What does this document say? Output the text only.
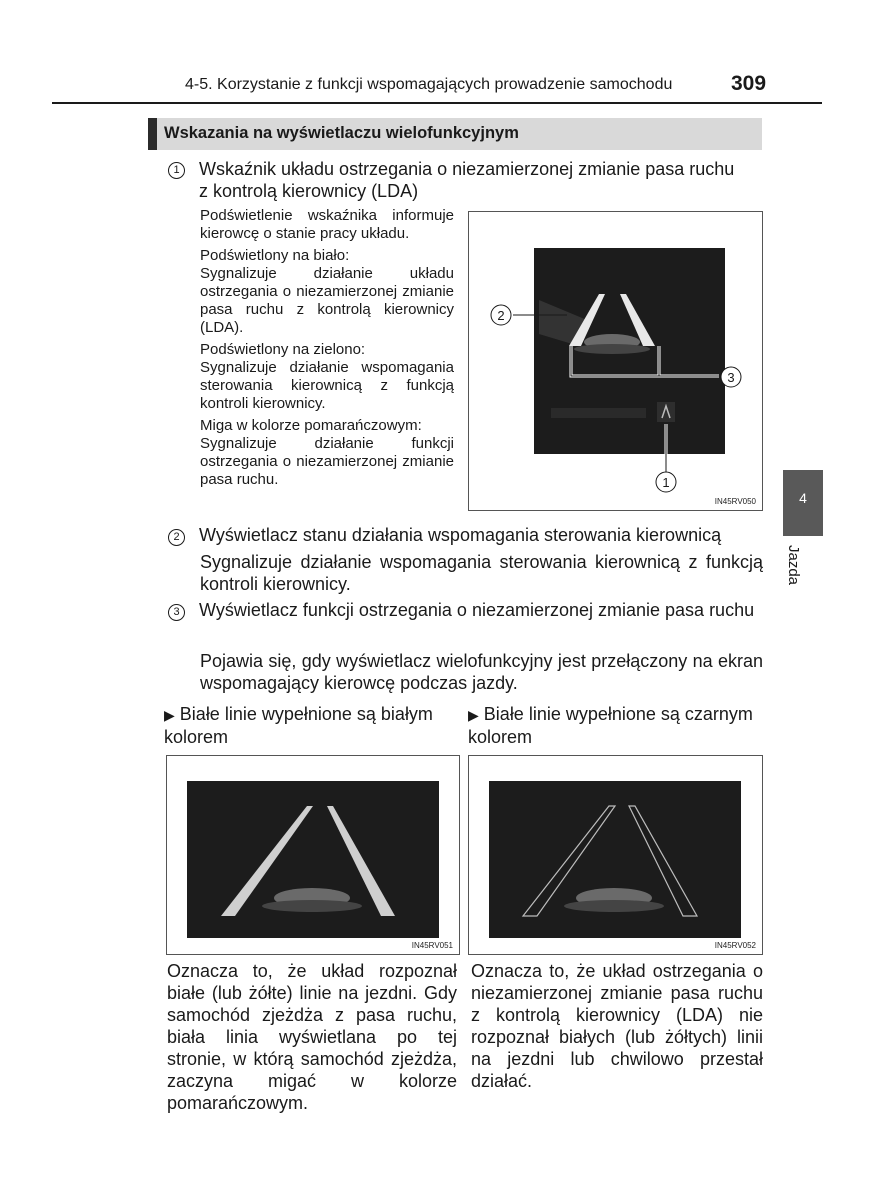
4-5. Korzystanie z funkcji wspomagających prowadzenie samochodu	309
Wskazania na wyświetlaczu wielofunkcyjnym
1	Wskaźnik układu ostrzegania o niezamierzonej zmianie pasa ruchu
z kontrolą kierownicy (LDA)
Podświetlenie wskaźnika informuje kierowcę o stanie pracy układu.
Podświetlony na biało:
Sygnalizuje działanie układu ostrzegania o niezamierzonej zmianie pasa ruchu z kontrolą kierownicy (LDA).
Podświetlony na zielono:
Sygnalizuje działanie wspomagania sterowania kierownicą z funkcją kontroli kierownicy.
Miga w kolorze pomarańczowym:
Sygnalizuje działanie funkcji ostrzegania o niezamierzonej zmianie pasa ruchu.
2
3
1
IN45RV050
2	Wyświetlacz stanu działania wspomagania sterowania kierownicą
Sygnalizuje działanie wspomagania sterowania kierownicą z funkcją kontroli kierownicy.
3	Wyświetlacz funkcji ostrzegania o niezamierzonej zmianie pasa ruchu
Pojawia się, gdy wyświetlacz wielofunkcyjny jest przełączony na ekran wspomagający kierowcę podczas jazdy.
▶ Białe linie wypełnione są białym kolorem
▶ Białe linie wypełnione są czarnym kolorem
IN45RV051	IN45RV052
Oznacza to, że układ rozpoznał białe (lub żółte) linie na jezdni. Gdy samochód zjeżdża z pasa ruchu, biała linia wyświetlana po tej stronie, w którą samochód zjeżdża, zaczyna migać w kolorze pomarańczowym.
Oznacza to, że układ ostrzegania o niezamierzonej zmianie pasa ruchu z kontrolą kierownicy (LDA) nie rozpoznał białych (lub żółtych) linii na jezdni lub chwilowo przestał działać.
4
Jazda
